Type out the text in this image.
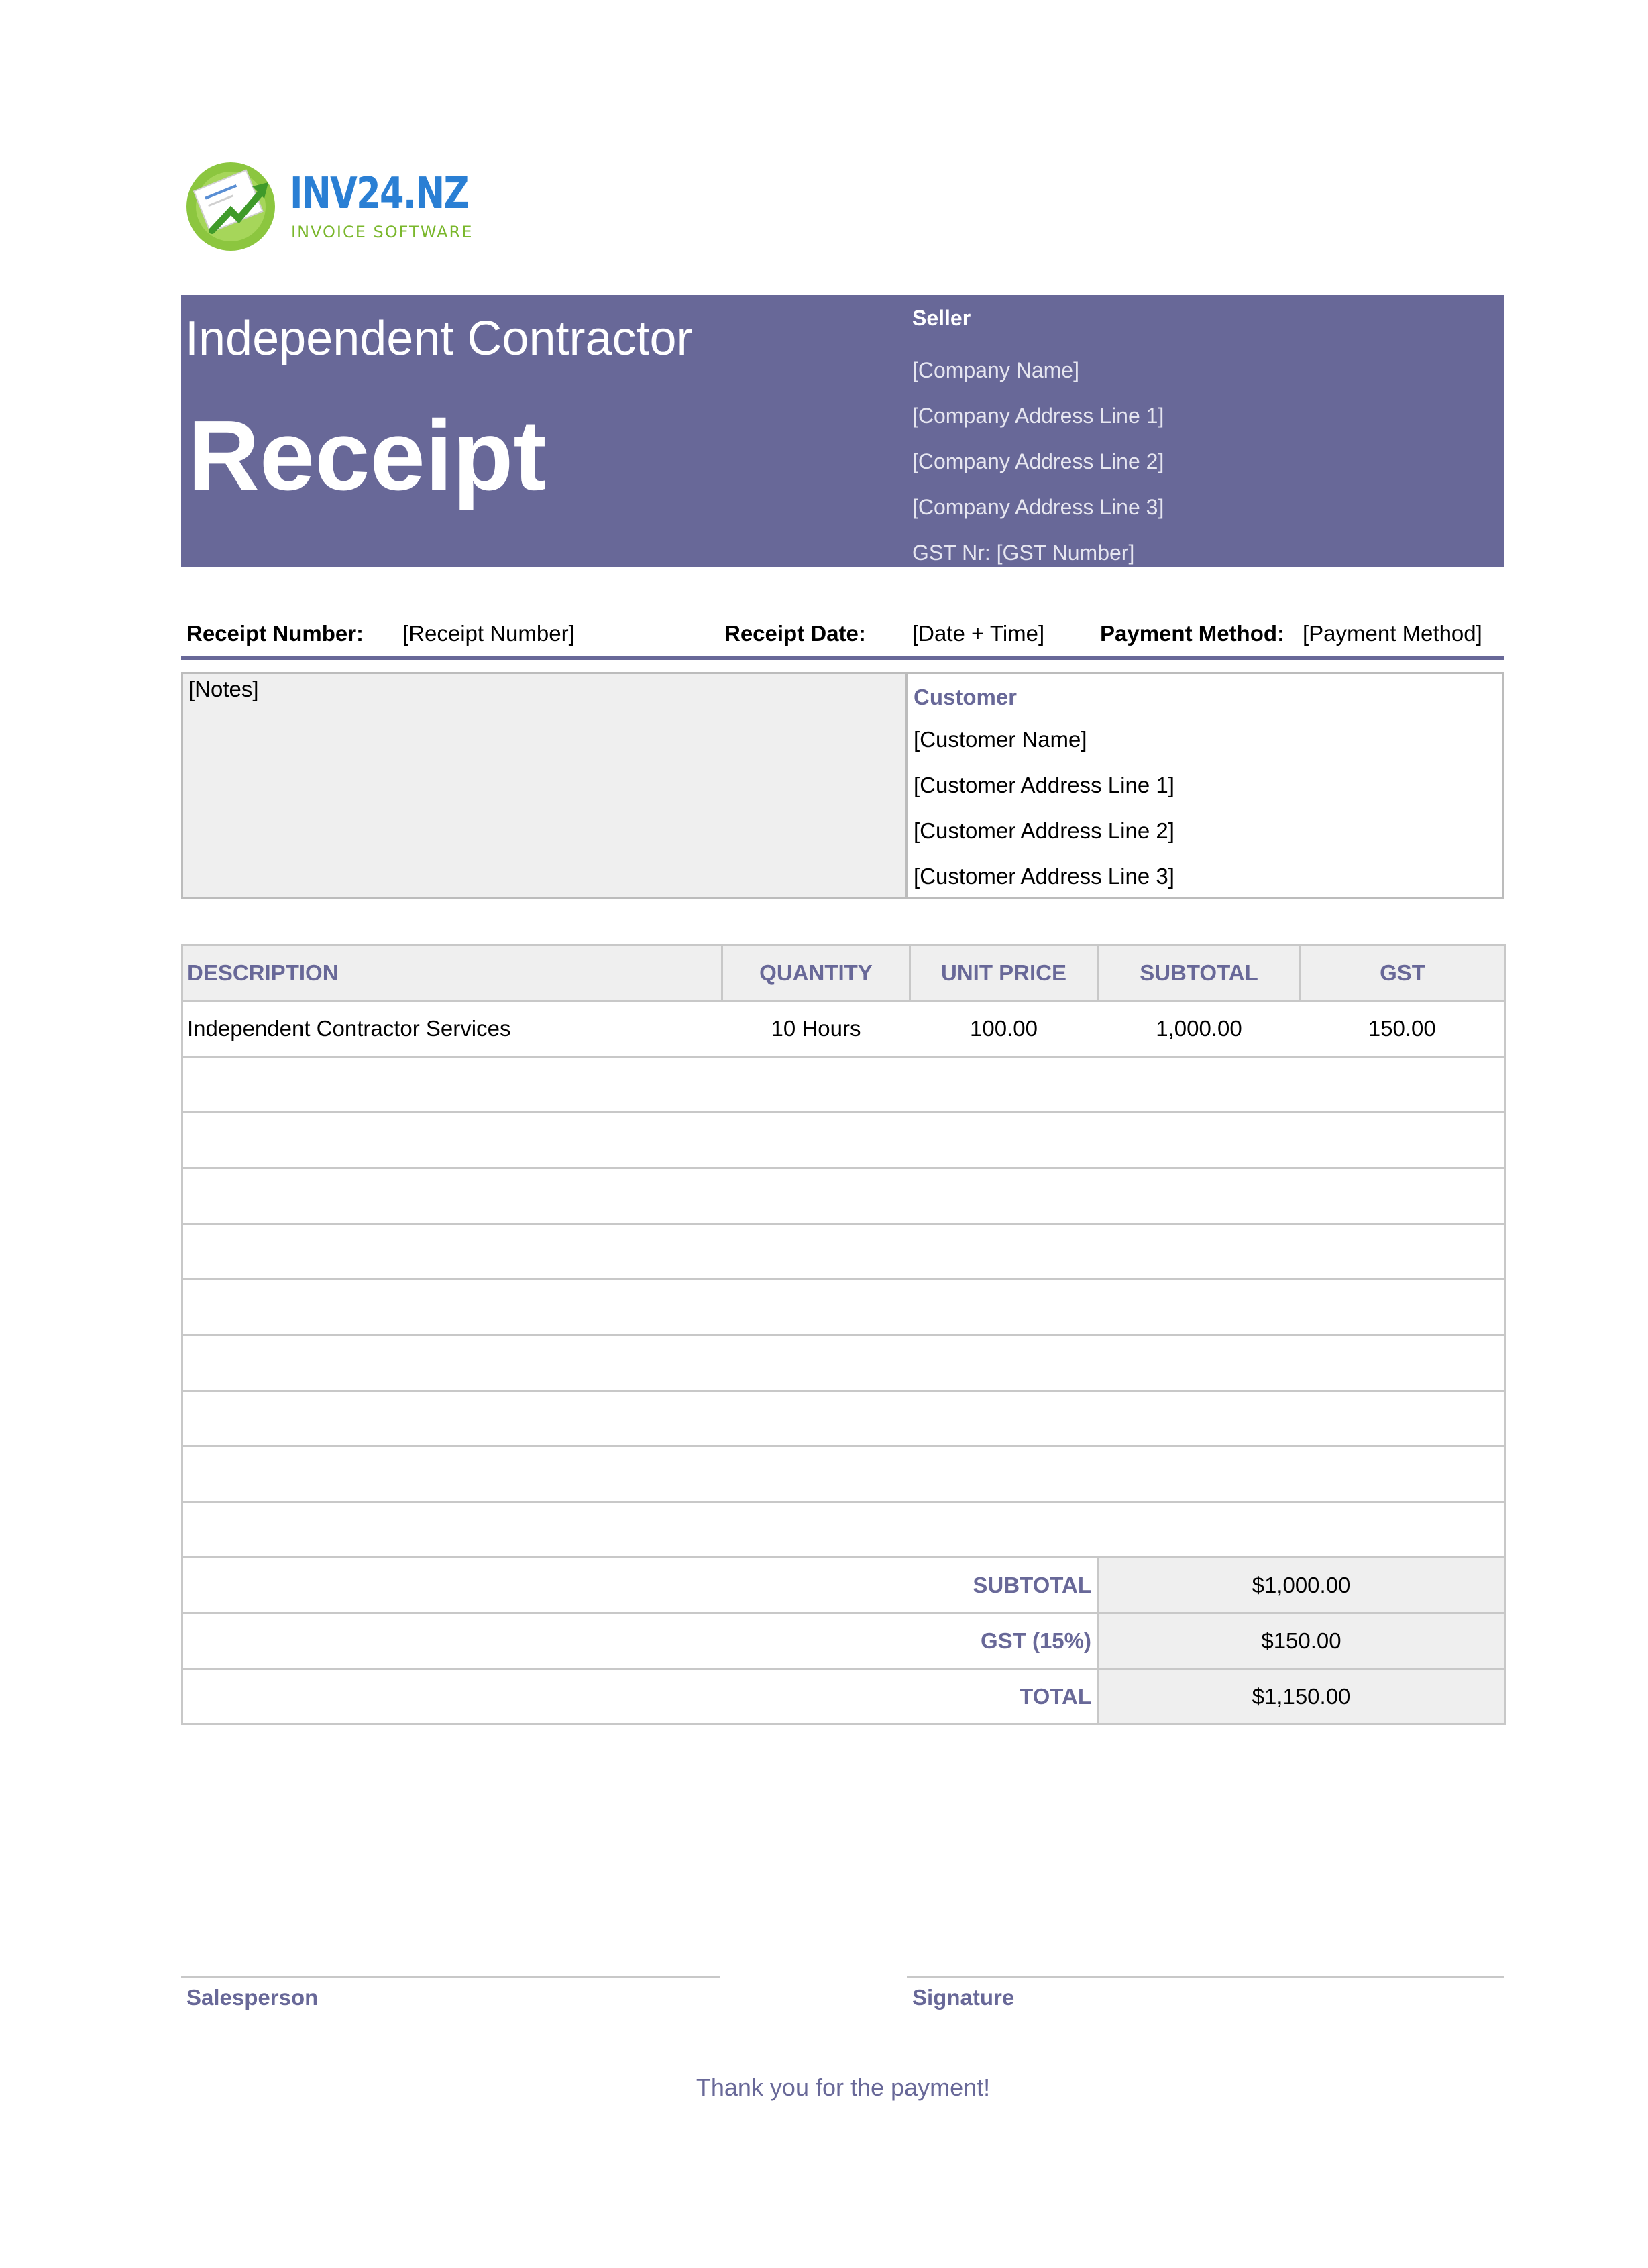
INV24.NZ
INVOICE SOFTWARE
Independent Contractor
Receipt
Seller
[Company Name]
[Company Address Line 1]
[Company Address Line 2]
[Company Address Line 3]
GST Nr: [GST Number]
Receipt Number: [Receipt Number]	Receipt Date: [Date + Time]	Payment Method: [Payment Method]
[Notes]	Customer
[Customer Name]
[Customer Address Line 1]
[Customer Address Line 2]
[Customer Address Line 3]
DESCRIPTION	QUANTITY	UNIT PRICE	SUBTOTAL	GST
Independent Contractor Services	10 Hours	100.00	1,000.00	150.00

	SUBTOTAL		$1,000.00	
	GST (15%)		$150.00	
	TOTAL		$1,150.00	
Salesperson	Signature
Thank you for the payment!
